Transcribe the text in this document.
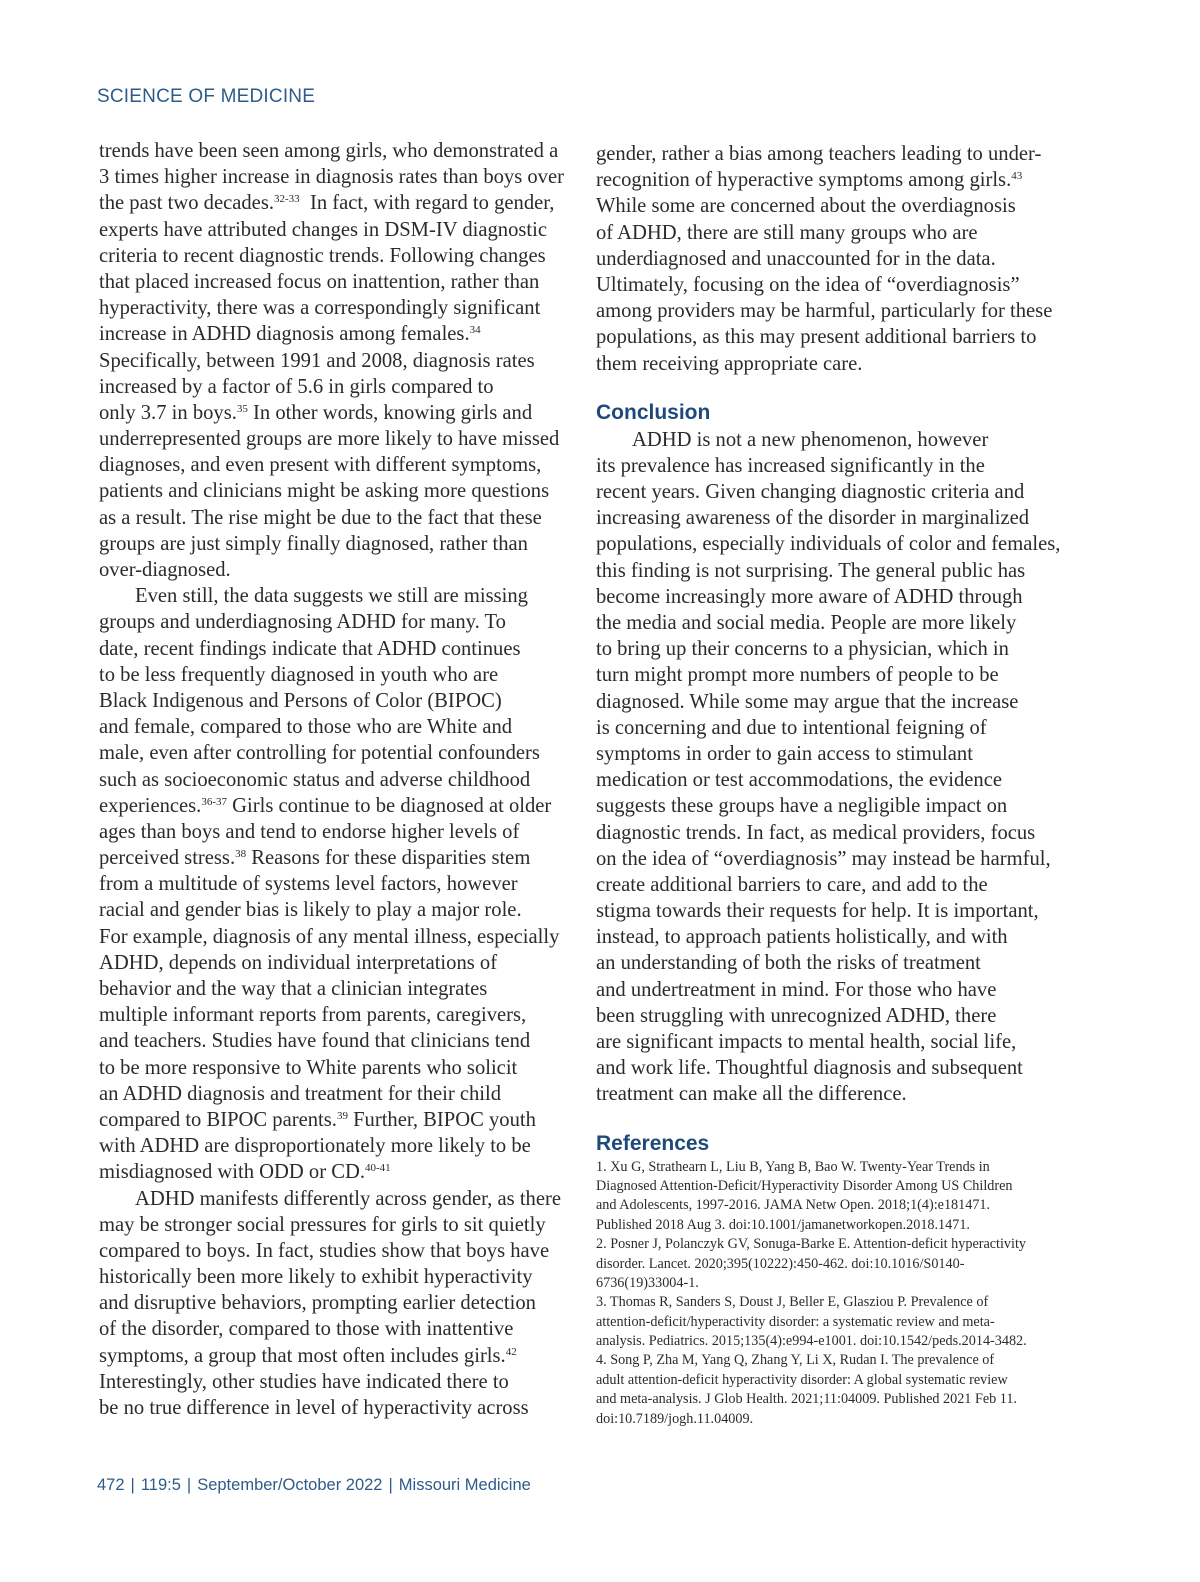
SCIENCE OF MEDICINE
trends have been seen among girls, who demonstrated a
3 times higher increase in diagnosis rates than boys over
the past two decades.$^{32-33}$  In fact, with regard to gender,
experts have attributed changes in DSM-IV diagnostic
criteria to recent diagnostic trends. Following changes
that placed increased focus on inattention, rather than
hyperactivity, there was a correspondingly significant
increase in ADHD diagnosis among females.$^{34}$
Specifically, between 1991 and 2008, diagnosis rates
increased by a factor of 5.6 in girls compared to
only 3.7 in boys.$^{35}$ In other words, knowing girls and
underrepresented groups are more likely to have missed
diagnoses, and even present with different symptoms,
patients and clinicians might be asking more questions
as a result. The rise might be due to the fact that these
groups are just simply finally diagnosed, rather than
over-diagnosed.
Even still, the data suggests we still are missing
groups and underdiagnosing ADHD for many. To
date, recent findings indicate that ADHD continues
to be less frequently diagnosed in youth who are
Black Indigenous and Persons of Color (BIPOC)
and female, compared to those who are White and
male, even after controlling for potential confounders
such as socioeconomic status and adverse childhood
experiences.$^{36-37}$ Girls continue to be diagnosed at older
ages than boys and tend to endorse higher levels of
perceived stress.$^{38}$ Reasons for these disparities stem
from a multitude of systems level factors, however
racial and gender bias is likely to play a major role.
For example, diagnosis of any mental illness, especially
ADHD, depends on individual interpretations of
behavior and the way that a clinician integrates
multiple informant reports from parents, caregivers,
and teachers. Studies have found that clinicians tend
to be more responsive to White parents who solicit
an ADHD diagnosis and treatment for their child
compared to BIPOC parents.$^{39}$ Further, BIPOC youth
with ADHD are disproportionately more likely to be
misdiagnosed with ODD or CD.$^{40-41}$
ADHD manifests differently across gender, as there
may be stronger social pressures for girls to sit quietly
compared to boys. In fact, studies show that boys have
historically been more likely to exhibit hyperactivity
and disruptive behaviors, prompting earlier detection
of the disorder, compared to those with inattentive
symptoms, a group that most often includes girls.$^{42}$
Interestingly, other studies have indicated there to
be no true difference in level of hyperactivity across
gender, rather a bias among teachers leading to under-
recognition of hyperactive symptoms among girls.$^{43}$
While some are concerned about the overdiagnosis
of ADHD, there are still many groups who are
underdiagnosed and unaccounted for in the data.
Ultimately, focusing on the idea of “overdiagnosis”
among providers may be harmful, particularly for these
populations, as this may present additional barriers to
them receiving appropriate care.
Conclusion
ADHD is not a new phenomenon, however
its prevalence has increased significantly in the
recent years. Given changing diagnostic criteria and
increasing awareness of the disorder in marginalized
populations, especially individuals of color and females,
this finding is not surprising. The general public has
become increasingly more aware of ADHD through
the media and social media. People are more likely
to bring up their concerns to a physician, which in
turn might prompt more numbers of people to be
diagnosed. While some may argue that the increase
is concerning and due to intentional feigning of
symptoms in order to gain access to stimulant
medication or test accommodations, the evidence
suggests these groups have a negligible impact on
diagnostic trends. In fact, as medical providers, focus
on the idea of “overdiagnosis” may instead be harmful,
create additional barriers to care, and add to the
stigma towards their requests for help. It is important,
instead, to approach patients holistically, and with
an understanding of both the risks of treatment
and undertreatment in mind. For those who have
been struggling with unrecognized ADHD, there
are significant impacts to mental health, social life,
and work life. Thoughtful diagnosis and subsequent
treatment can make all the difference.
References
1. Xu G, Strathearn L, Liu B, Yang B, Bao W. Twenty-Year Trends in
Diagnosed Attention-Deficit/Hyperactivity Disorder Among US Children
and Adolescents, 1997-2016. JAMA Netw Open. 2018;1(4):e181471.
Published 2018 Aug 3. doi:10.1001/jamanetworkopen.2018.1471.
2. Posner J, Polanczyk GV, Sonuga-Barke E. Attention-deficit hyperactivity
disorder. Lancet. 2020;395(10222):450-462. doi:10.1016/S0140-
6736(19)33004-1.
3. Thomas R, Sanders S, Doust J, Beller E, Glasziou P. Prevalence of
attention-deficit/hyperactivity disorder: a systematic review and meta-
analysis. Pediatrics. 2015;135(4):e994-e1001. doi:10.1542/peds.2014-3482.
4. Song P, Zha M, Yang Q, Zhang Y, Li X, Rudan I. The prevalence of
adult attention-deficit hyperactivity disorder: A global systematic review
and meta-analysis. J Glob Health. 2021;11:04009. Published 2021 Feb 11.
doi:10.7189/jogh.11.04009.
472 | 119:5 | September/October 2022 | Missouri Medicine
